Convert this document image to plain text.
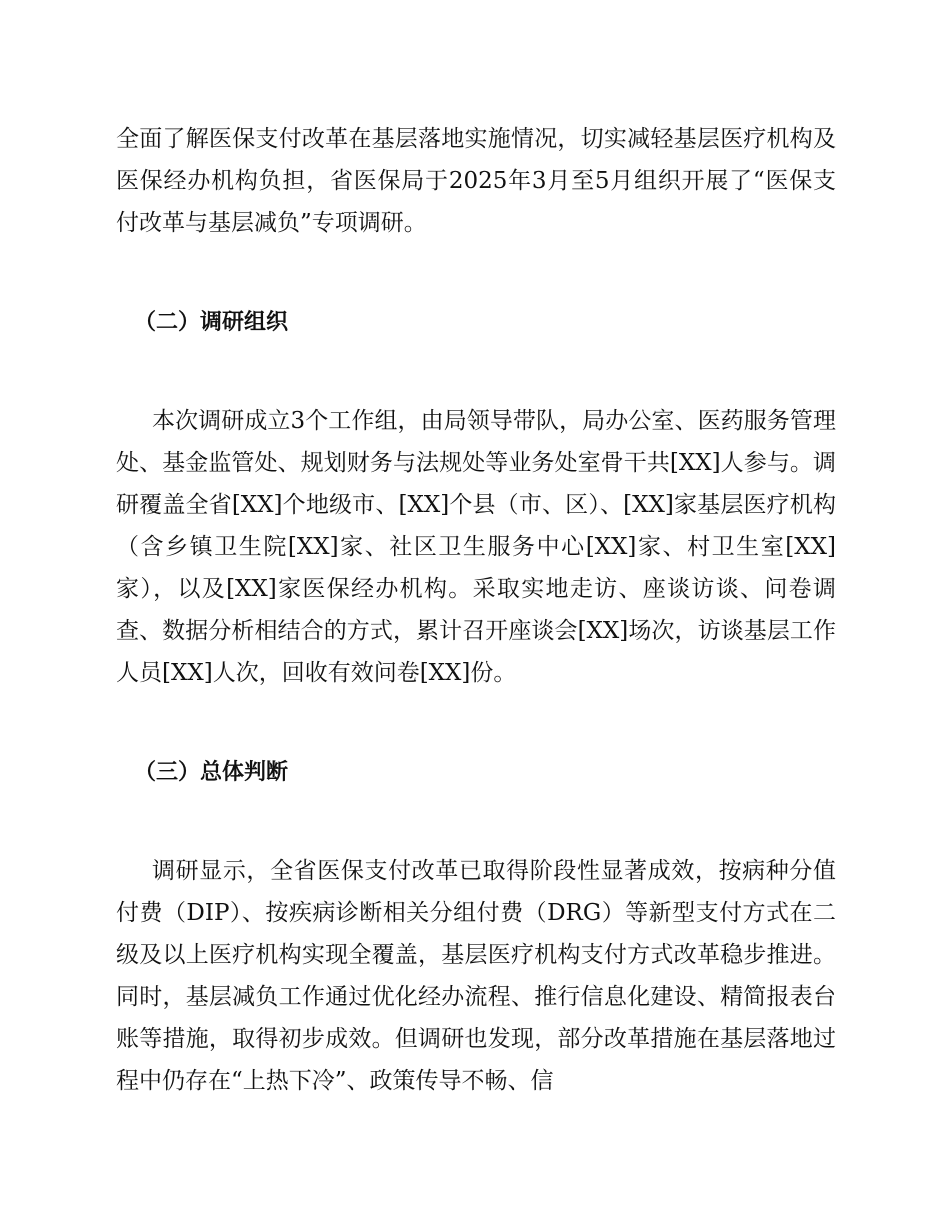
全面了解医保支付改革在基层落地实施情况，切实减轻基层医疗机构及医保经办机构负担，省医保局于2025年3月至5月组织开展了“医保支付改革与基层减负”专项调研。

（二）调研组织

本次调研成立3个工作组，由局领导带队，局办公室、医药服务管理处、基金监管处、规划财务与法规处等业务处室骨干共[XX]人参与。调研覆盖全省[XX]个地级市、[XX]个县（市、区）、[XX]家基层医疗机构（含乡镇卫生院[XX]家、社区卫生服务中心[XX]家、村卫生室[XX]家），以及[XX]家医保经办机构。采取实地走访、座谈访谈、问卷调查、数据分析相结合的方式，累计召开座谈会[XX]场次，访谈基层工作人员[XX]人次，回收有效问卷[XX]份。

（三）总体判断

调研显示，全省医保支付改革已取得阶段性显著成效，按病种分值付费（DIP）、按疾病诊断相关分组付费（DRG）等新型支付方式在二级及以上医疗机构实现全覆盖，基层医疗机构支付方式改革稳步推进。同时，基层减负工作通过优化经办流程、推行信息化建设、精简报表台账等措施，取得初步成效。但调研也发现，部分改革措施在基层落地过程中仍存在“上热下冷”、政策传导不畅、信
